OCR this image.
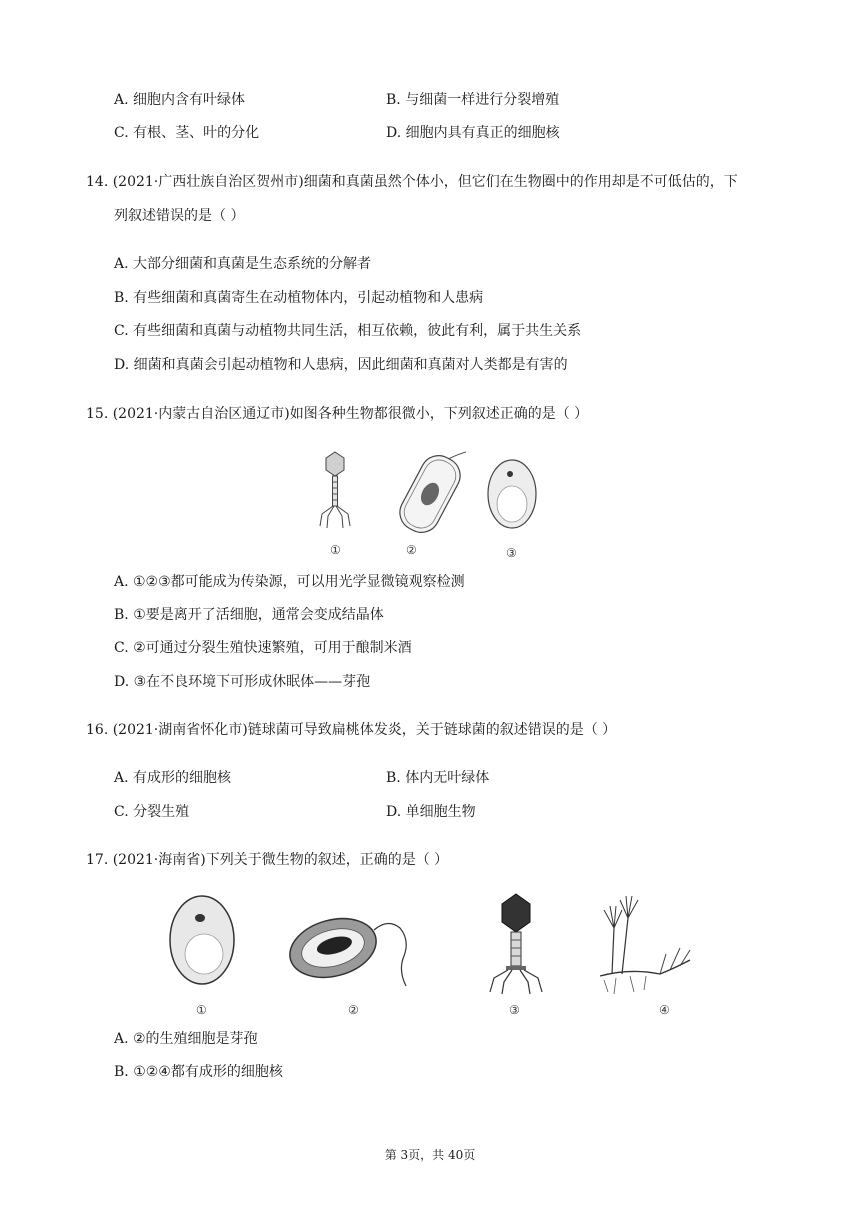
A. 细胞内含有叶绿体	B. 与细菌一样进行分裂增殖
C. 有根、茎、叶的分化	D. 细胞内具有真正的细胞核
14. (2021·广西壮族自治区贺州市)细菌和真菌虽然个体小，但它们在生物圈中的作用却是不可低估的，下
列叙述错误的是（ ）
A. 大部分细菌和真菌是生态系统的分解者
B. 有些细菌和真菌寄生在动植物体内，引起动植物和人患病
C. 有些细菌和真菌与动植物共同生活，相互依赖，彼此有利，属于共生关系
D. 细菌和真菌会引起动植物和人患病，因此细菌和真菌对人类都是有害的
15. (2021·内蒙古自治区通辽市)如图各种生物都很微小，下列叙述正确的是（ ）
①	②	③
A. ①②③都可能成为传染源，可以用光学显微镜观察检测
B. ①要是离开了活细胞，通常会变成结晶体
C. ②可通过分裂生殖快速繁殖，可用于酿制米酒
D. ③在不良环境下可形成休眠体——芽孢
16. (2021·湖南省怀化市)链球菌可导致扁桃体发炎，关于链球菌的叙述错误的是（ ）
A. 有成形的细胞核	B. 体内无叶绿体
C. 分裂生殖	D. 单细胞生物
17. (2021·海南省)下列关于微生物的叙述，正确的是（ ）
①	②	③	④
A. ②的生殖细胞是芽孢
B. ①②④都有成形的细胞核
第 3页，共 40页
